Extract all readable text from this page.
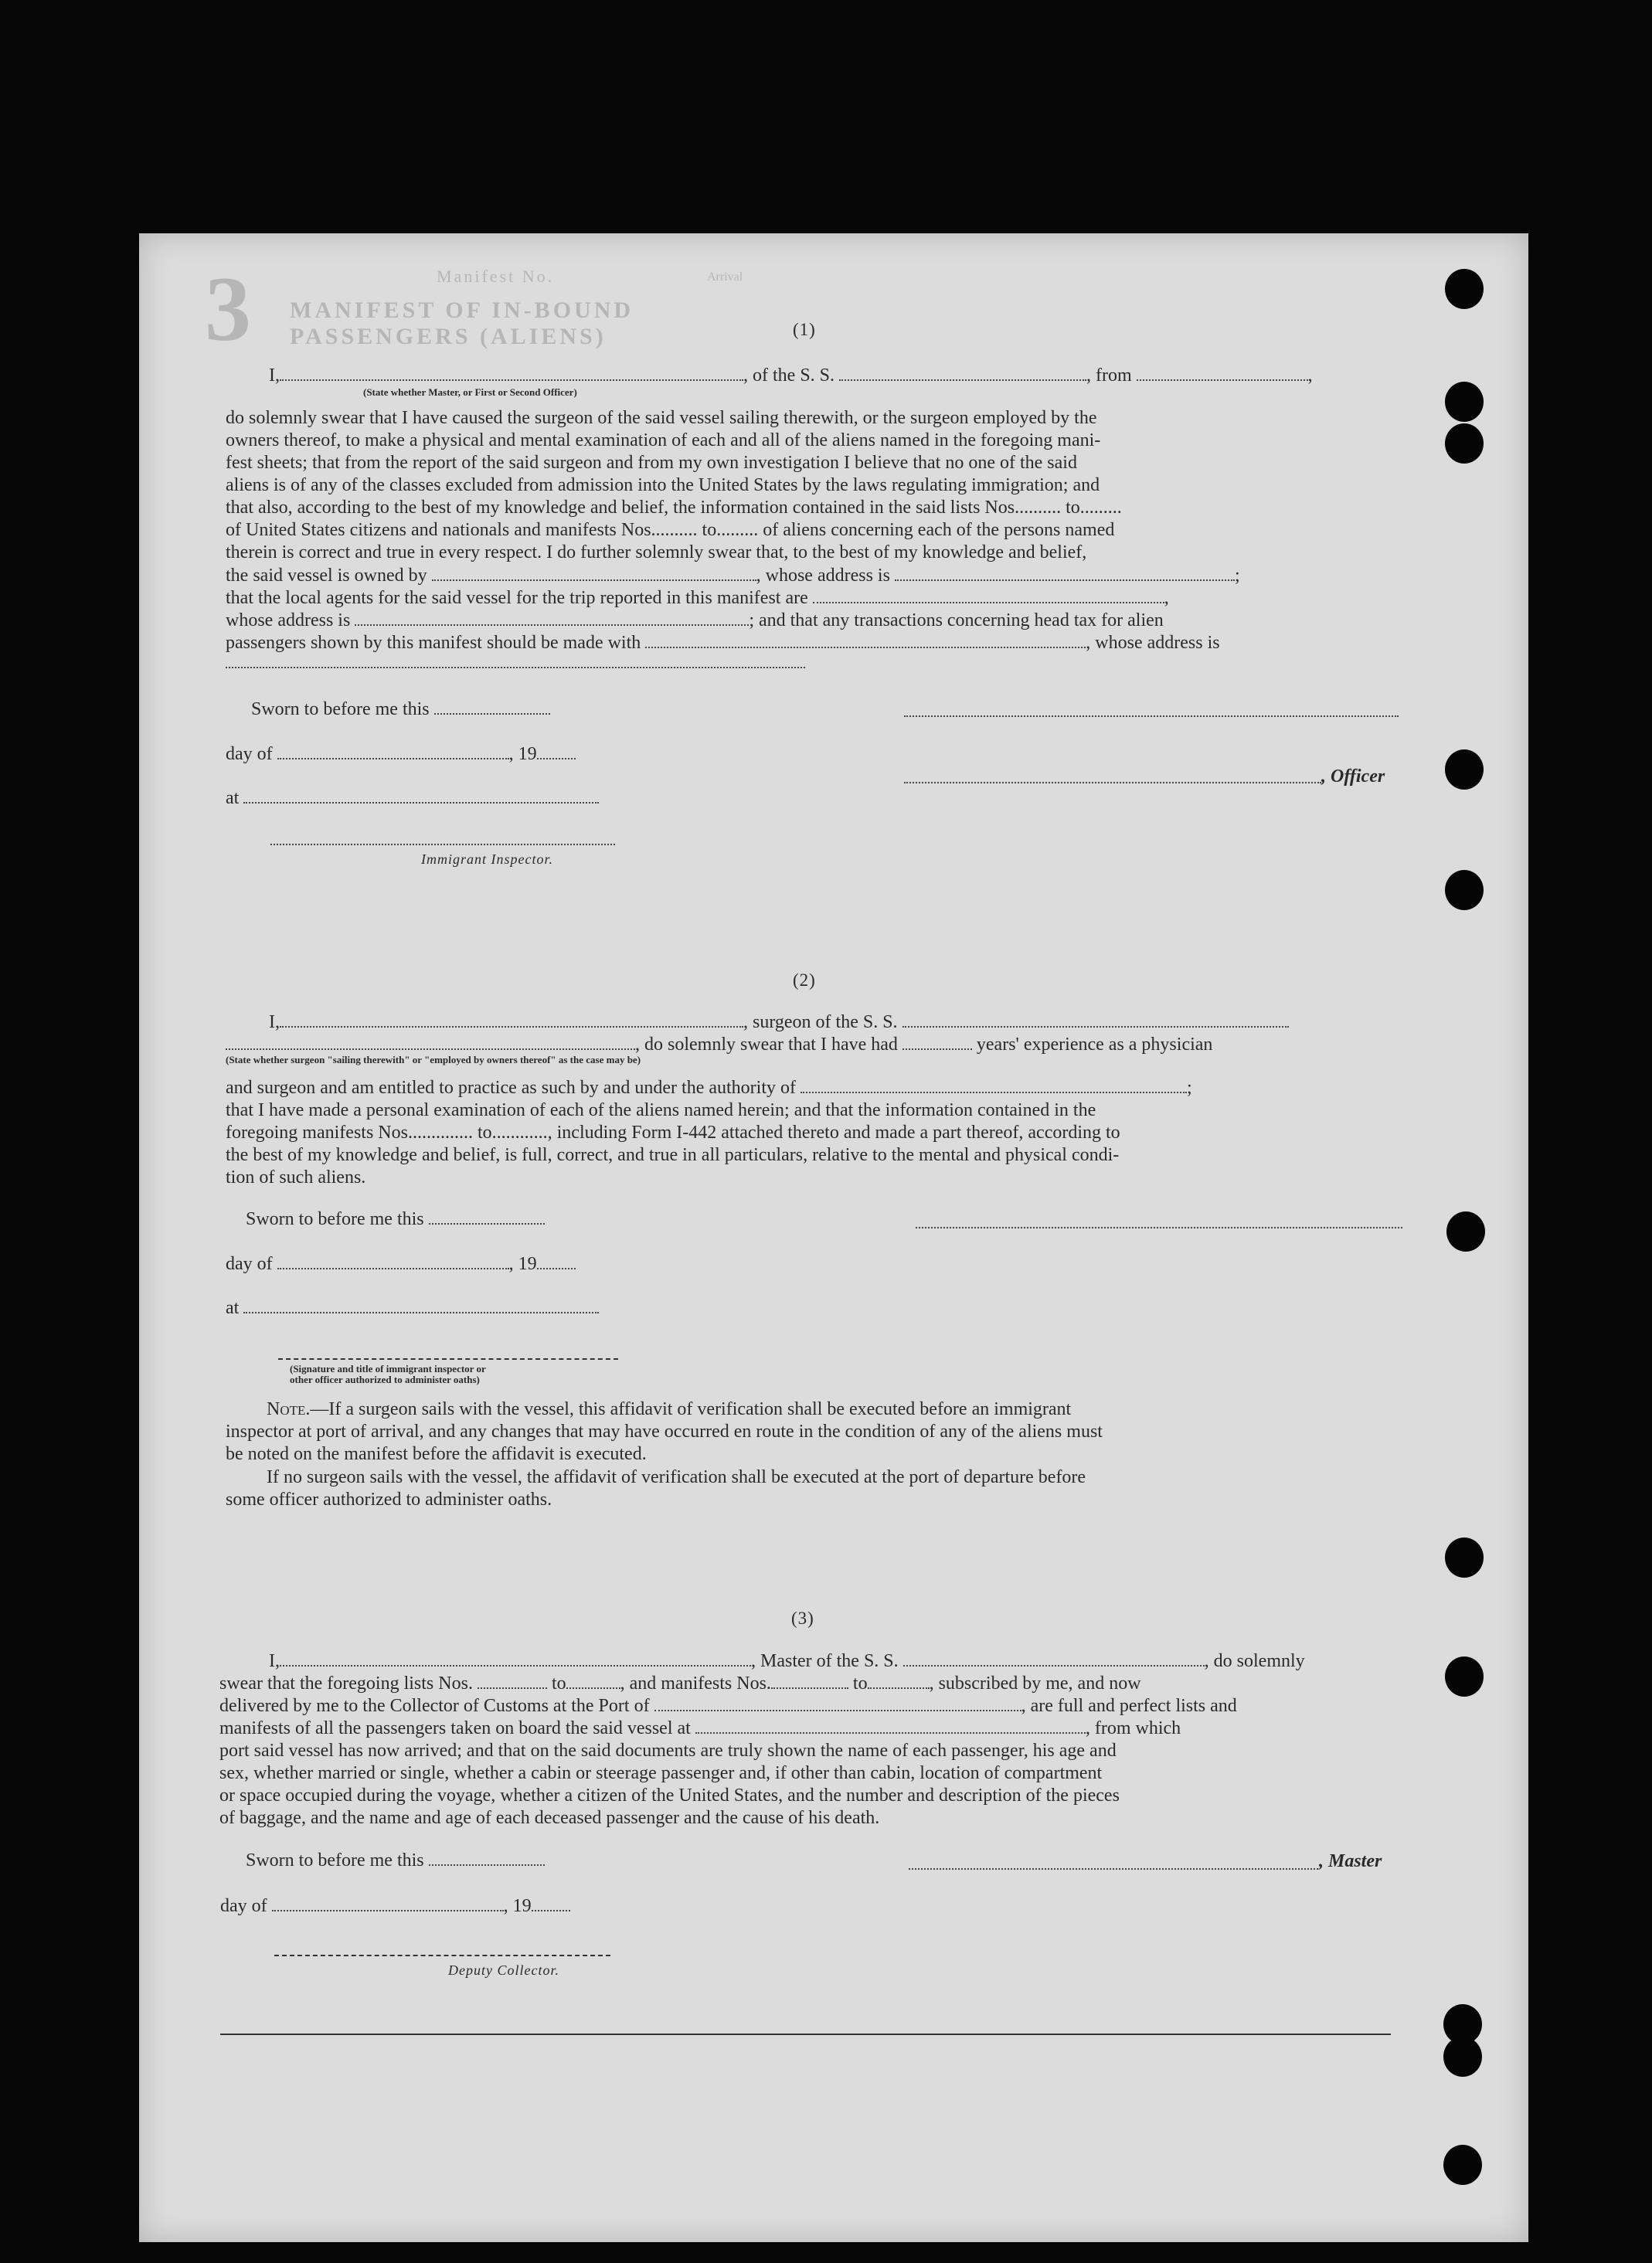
3	Manifest No.
MANIFEST OF IN-BOUND PASSENGERS (ALIENS)
Arrival
(1)
I,	, of the S. S.	, from	,
(State whether Master, or First or Second Officer)

do solemnly swear that I have caused the surgeon of the said vessel sailing therewith, or the surgeon employed by the

owners thereof, to make a physical and mental examination of each and all of the aliens named in the foregoing mani-

fest sheets; that from the report of the said surgeon and from my own investigation I believe that no one of the said

aliens is of any of the classes excluded from admission into the United States by the laws regulating immigration; and

that also, according to the best of my knowledge and belief, the information contained in the said lists Nos.......... to.........

of United States citizens and nationals and manifests Nos.......... to......... of aliens concerning each of the persons named

therein is correct and true in every respect. I do further solemnly swear that, to the best of my knowledge and belief,

the said vessel is owned by	, whose address is	;
that the local agents for the said vessel for the trip reported in this manifest are	,
whose address is	; and that any transactions concerning head tax for alien
passengers shown by this manifest should be made with	, whose address is
Sworn to before me this
day of	, 19
at
, Officer
Immigrant Inspector.
(2)
I,	, surgeon of the S. S.
, do solemnly swear that I have had	years' experience as a physician
(State whether surgeon "sailing therewith" or "employed by owners thereof" as the case may be)
and surgeon and am entitled to practice as such by and under the authority of	;

that I have made a personal examination of each of the aliens named herein; and that the information contained in the

foregoing manifests Nos.............. to............, including Form I-442 attached thereto and made a part thereof, according to

the best of my knowledge and belief, is full, correct, and true in all particulars, relative to the mental and physical condi-

tion of such aliens.

Sworn to before me this
day of	, 19
at
(Signature and title of immigrant inspector or
other officer authorized to administer oaths)
Note.—If a surgeon sails with the vessel, this affidavit of verification shall be executed before an immigrant

inspector at port of arrival, and any changes that may have occurred en route in the condition of any of the aliens must

be noted on the manifest before the affidavit is executed.

If no surgeon sails with the vessel, the affidavit of verification shall be executed at the port of departure before
some officer authorized to administer oaths.
(3)
I,	, Master of the S. S.	, do solemnly
swear that the foregoing lists Nos.	to	, and manifests Nos.	to	, subscribed by me, and now
delivered by me to the Collector of Customs at the Port of	, are full and perfect lists and
manifests of all the passengers taken on board the said vessel at	, from which

port said vessel has now arrived; and that on the said documents are truly shown the name of each passenger, his age and

sex, whether married or single, whether a cabin or steerage passenger and, if other than cabin, location of compartment

or space occupied during the voyage, whether a citizen of the United States, and the number and description of the pieces

of baggage, and the name and age of each deceased passenger and the cause of his death.

Sworn to before me this	, Master
day of	, 19
Deputy Collector.
